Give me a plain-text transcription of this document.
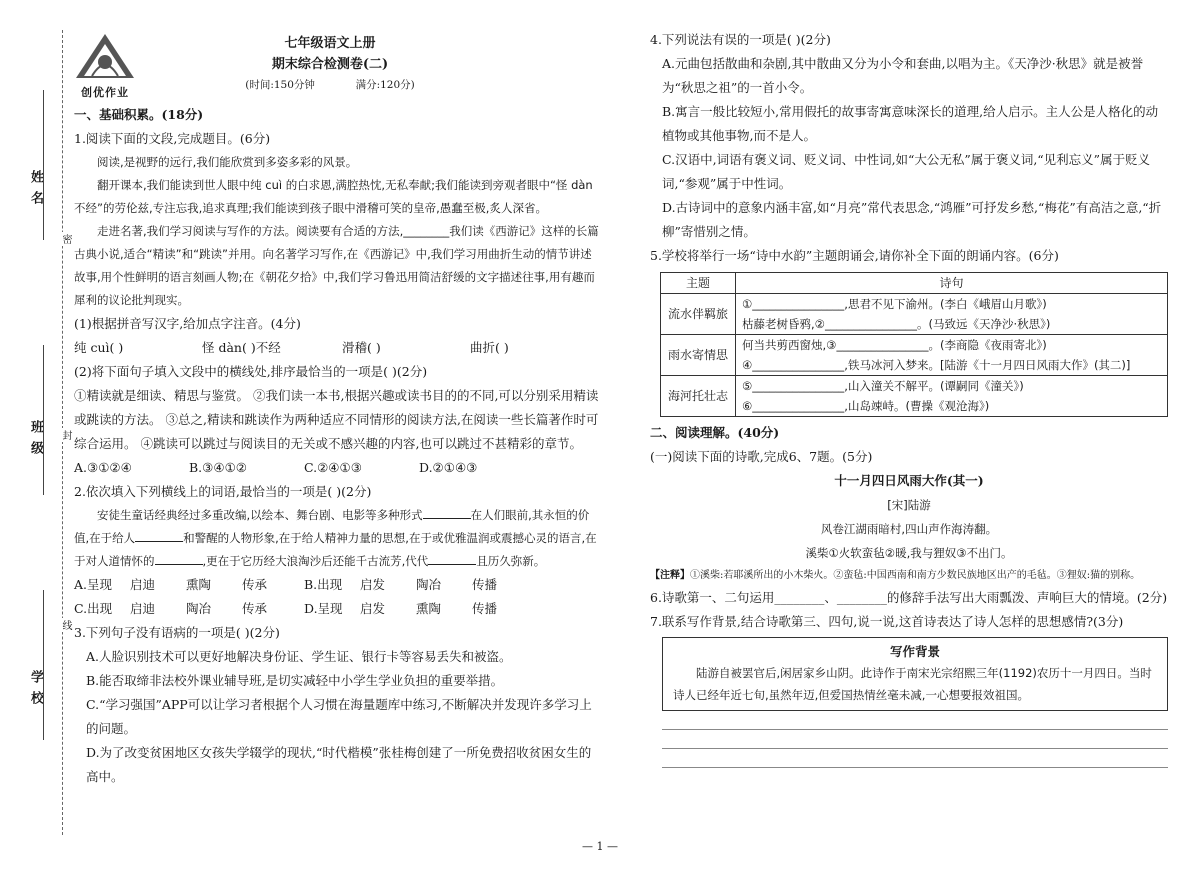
姓名
班级
学校
密
封
线
创优作业
七年级语文上册
期末综合检测卷(二)
(时间:150分钟	满分:120分)

一、基础积累。(18分)

1.阅读下面的文段,完成题目。(6分)

阅读,是视野的远行,我们能欣赏到多姿多彩的风景。

翻开课本,我们能读到世人眼中纯 cuì 的白求恩,满腔热忱,无私奉献;我们能读到旁观者眼中“怪 dàn 不经”的劳伦兹,专注忘我,追求真理;我们能读到孩子眼中滑稽可笑的皇帝,愚蠢至极,炙人深省。

走进名著,我们学习阅读与写作的方法。阅读要有合适的方法,________我们读《西游记》这样的长篇古典小说,适合“精读”和“跳读”并用。向名著学习写作,在《西游记》中,我们学习用曲折生动的情节讲述故事,用个性鲜明的语言刻画人物;在《朝花夕拾》中,我们学习鲁迅用简洁舒缓的文字描述往事,用有趣而犀利的议论批判现实。

(1)根据拼音写汉字,给加点字注音。(4分)

纯 cuì( )	怪 dàn( )不经	滑稽( )	曲折( )

(2)将下面句子填入文段中的横线处,排序最恰当的一项是( )(2分)

①精读就是细读、精思与鉴赏。 ②我们读一本书,根据兴趣或读书目的的不同,可以分别采用精读或跳读的方法。 ③总之,精读和跳读作为两种适应不同情形的阅读方法,在阅读一些长篇著作时可综合运用。 ④跳读可以跳过与阅读目的无关或不感兴趣的内容,也可以跳过不甚精彩的章节。

A.③①②④	B.③④①②	C.②④①③	D.②①④③

2.依次填入下列横线上的词语,最恰当的一项是( )(2分)

安徒生童话经典经过多重改编,以绘本、舞台剧、电影等多种形式	在人们眼前,其永恒的价值,在于给人	和警醒的人物形象,在于给人精神力量的思想,在于或优雅温润或震撼心灵的语言,在于对人道情怀的	,更在于它历经大浪淘沙后还能千古流芳,代代	且历久弥新。

A.呈现 启迪 熏陶 传承	B.出现 启发 陶冶 传播

C.出现 启迪 陶冶 传承	D.呈现 启发 熏陶 传播

3.下列句子没有语病的一项是( )(2分)

A.人脸识别技术可以更好地解决身份证、学生证、银行卡等容易丢失和被盗。

B.能否取缔非法校外课业辅导班,是切实减轻中小学生学业负担的重要举措。

C.“学习强国”APP可以让学习者根据个人习惯在海量题库中练习,不断解决并发现许多学习上的问题。

D.为了改变贫困地区女孩失学辍学的现状,“时代楷模”张桂梅创建了一所免费招收贫困女生的高中。

4.下列说法有误的一项是( )(2分)

A.元曲包括散曲和杂剧,其中散曲又分为小令和套曲,以唱为主。《天净沙·秋思》就是被誉为“秋思之祖”的一首小令。

B.寓言一般比较短小,常用假托的故事寄寓意味深长的道理,给人启示。主人公是人格化的动植物或其他事物,而不是人。

C.汉语中,词语有褒义词、贬义词、中性词,如“大公无私”属于褒义词,“见利忘义”属于贬义词,“参观”属于中性词。

D.古诗词中的意象内涵丰富,如“月亮”常代表思念,“鸿雁”可抒发乡愁,“梅花”有高洁之意,“折柳”寄惜别之情。

5.学校将举行一场“诗中水韵”主题朗诵会,请你补全下面的朗诵内容。(6分)

主题	诗句
流水伴羁旅	①________________,思君不见下渝州。(李白《峨眉山月歌》)
枯藤老树昏鸦,②________________。(马致远《天净沙·秋思》)

雨水寄情思	何当共剪西窗烛,③________________。(李商隐《夜雨寄北》)
④________________,铁马冰河入梦来。[陆游《十一月四日风雨大作》(其二)]

海河托壮志	⑤________________,山入潼关不解平。(谭嗣同《潼关》)
⑥________________,山岛竦峙。(曹操《观沧海》)

二、阅读理解。(40分)

(一)阅读下面的诗歌,完成6、7题。(5分)

十一月四日风雨大作(其一)

[宋]陆游

风卷江湖雨暗村,四山声作海涛翻。

溪柴①火软蛮毡②暖,我与狸奴③不出门。

【注释】①溪柴:若耶溪所出的小木柴火。②蛮毡:中国西南和南方少数民族地区出产的毛毡。③狸奴:猫的别称。

6.诗歌第一、二句运用________、________的修辞手法写出大雨瓢泼、声响巨大的情境。(2分)

7.联系写作背景,结合诗歌第三、四句,说一说,这首诗表达了诗人怎样的思想感情?(3分)

写作背景
陆游自被罢官后,闲居家乡山阴。此诗作于南宋光宗绍熙三年(1192)农历十一月四日。当时诗人已经年近七旬,虽然年迈,但爱国热情丝毫未减,一心想要报效祖国。
— 1 —
